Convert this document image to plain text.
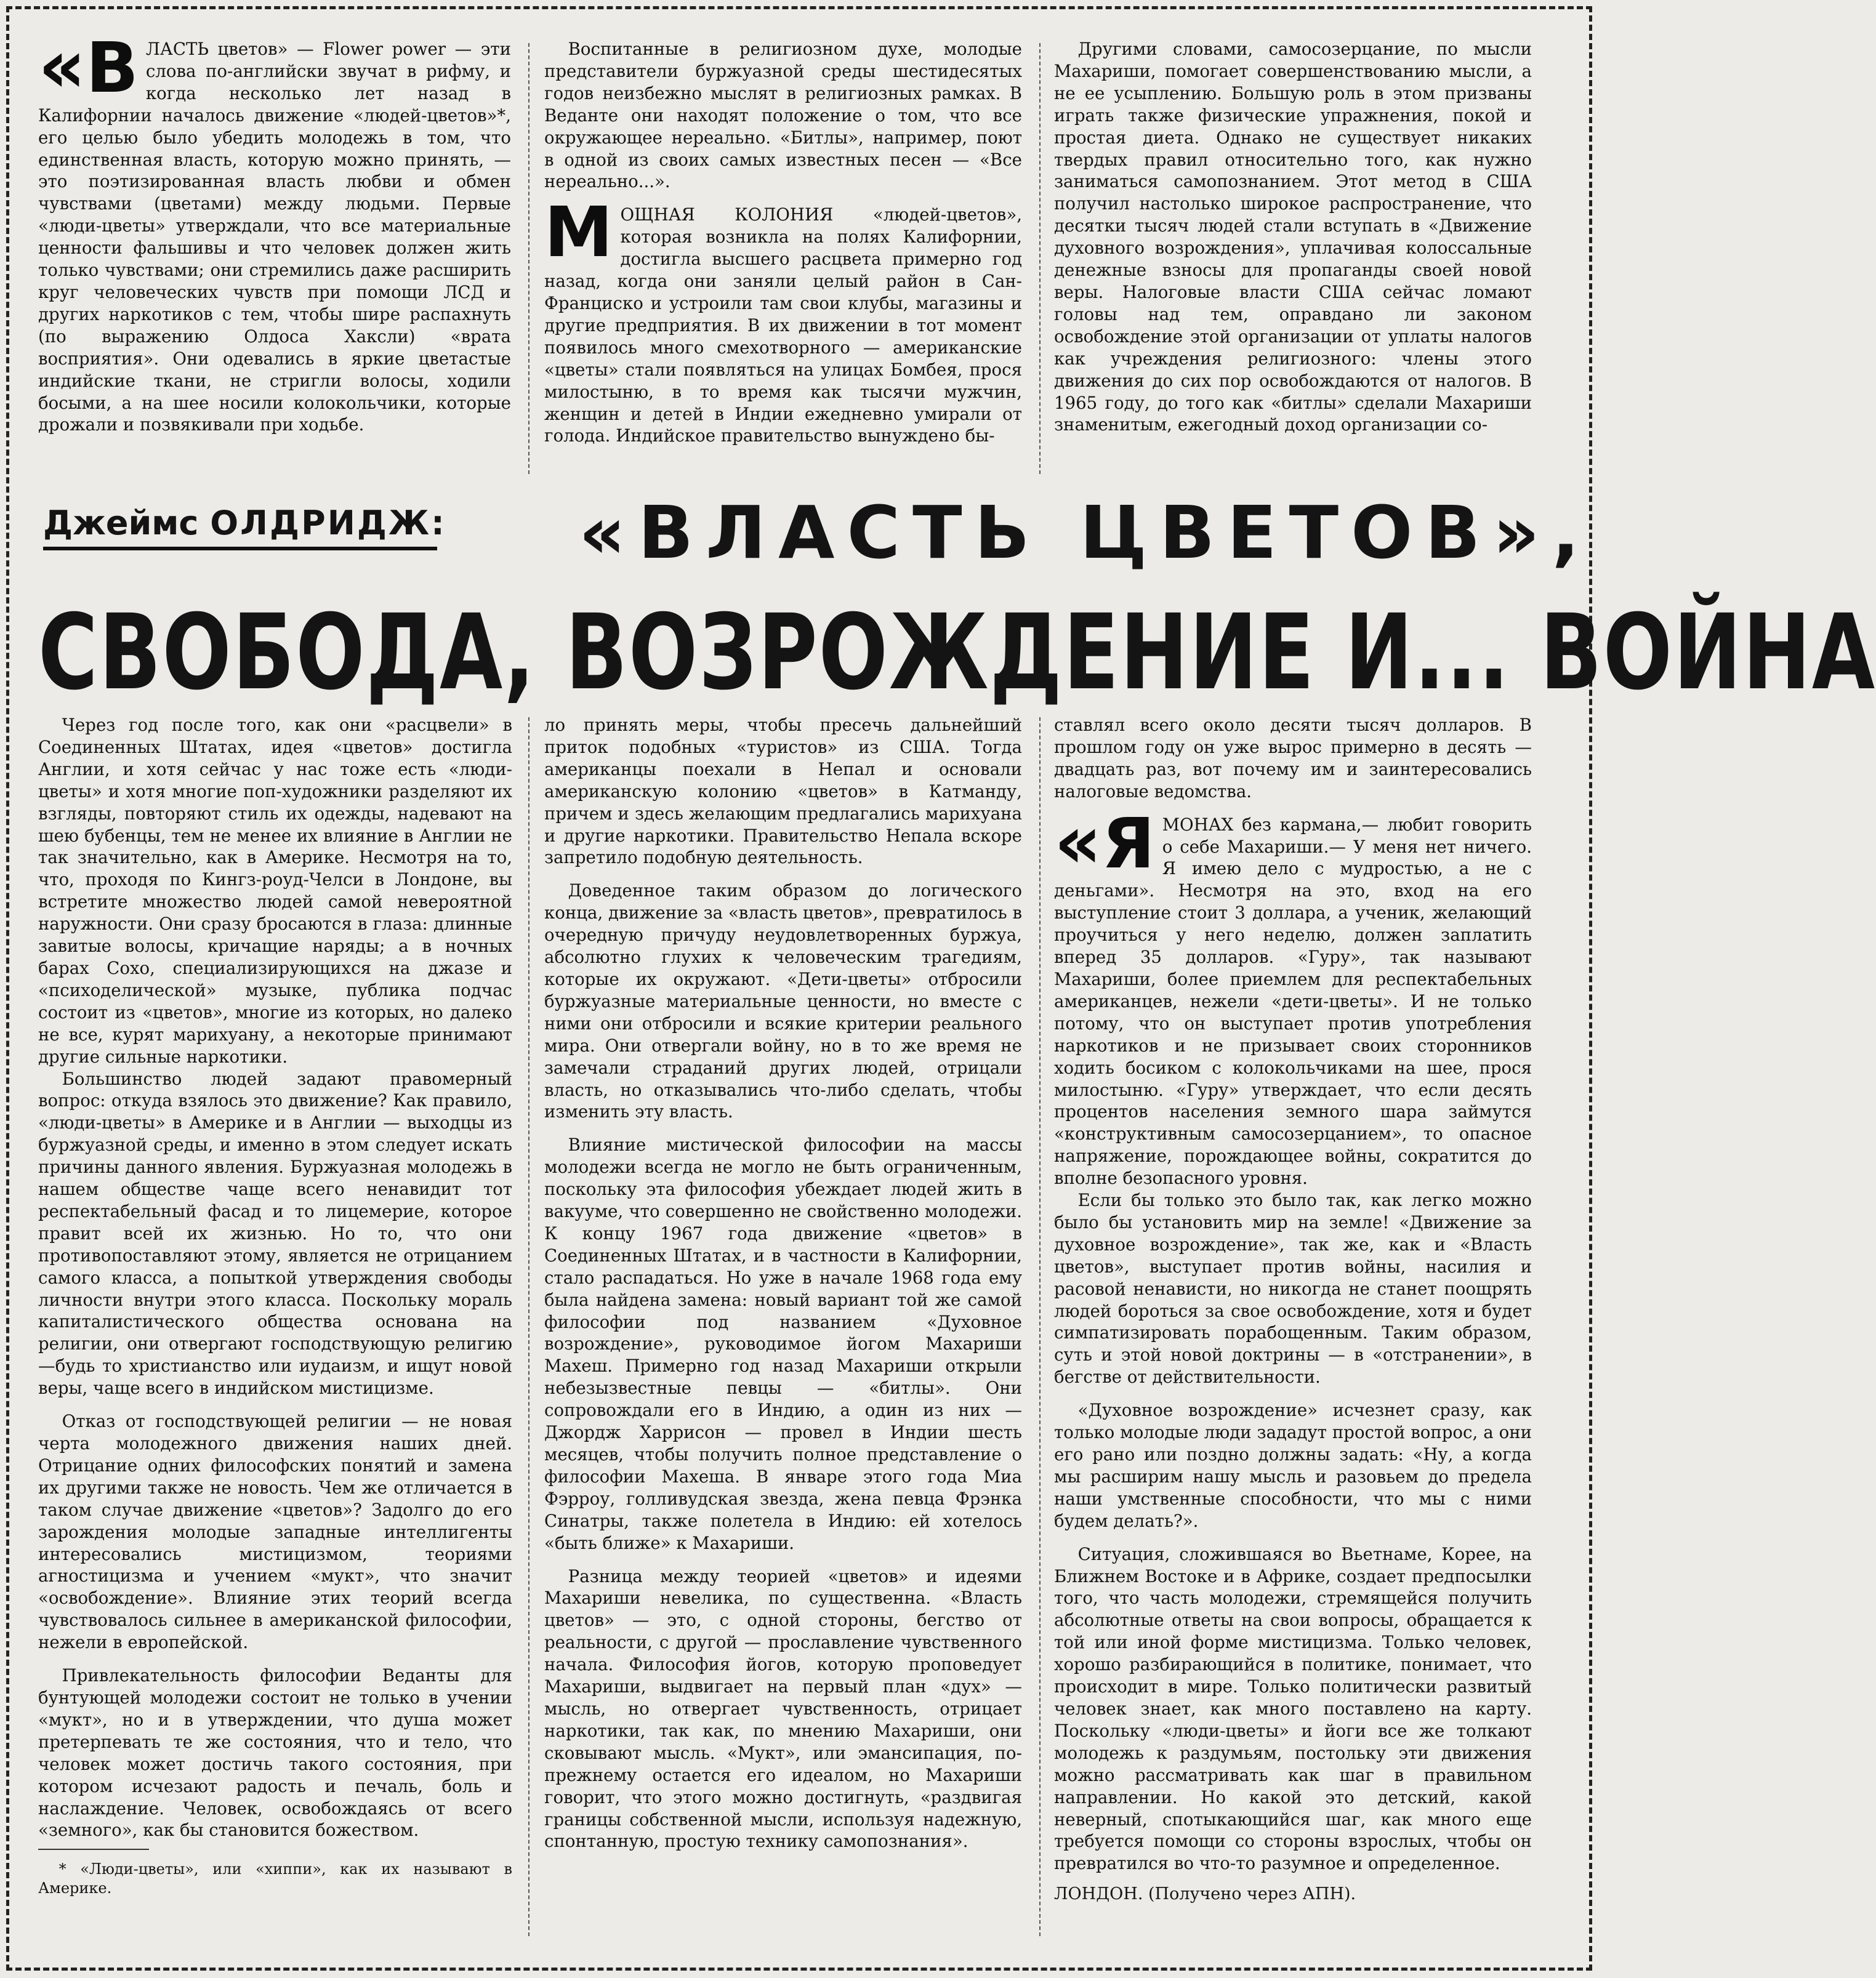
«В ЛАСТЬ цветов» — Flower power — эти слова по-английски звучат в рифму, и когда несколько лет назад в Калифорнии началось движение «людей-цветов»*, его целью было убедить молодежь в том, что единственная власть, которую можно принять, — это поэтизированная власть любви и обмен чувствами (цветами) между людьми. Первые «люди-цветы» утверждали, что все материальные ценности фальшивы и что человек должен жить только чувствами; они стремились даже расширить круг человеческих чувств при помощи ЛСД и других наркотиков с тем, чтобы шире распахнуть (по выражению Олдоса Хаксли) «врата восприятия». Они одевались в яркие цветастые индийские ткани, не стригли волосы, ходили босыми, а на шее носили колокольчики, которые дрожали и позвякивали при ходьбе.

Воспитанные в религиозном духе, молодые представители буржуазной среды шестидесятых годов неизбежно мыслят в религиозных рамках. В Веданте они находят положение о том, что все окружающее нереально. «Битлы», например, поют в одной из своих самых известных песен — «Все нереально...».

МОЩНАЯ КОЛОНИЯ «людей-цветов», которая возникла на полях Калифорнии, достигла высшего расцвета примерно год назад, когда они заняли целый район в Сан-Франциско и устроили там свои клубы, магазины и другие предприятия. В их движении в тот момент появилось много смехотворного — американские «цветы» стали появляться на улицах Бомбея, прося милостыню, в то время как тысячи мужчин, женщин и детей в Индии ежедневно умирали от голода. Индийское правительство вынуждено бы-

Другими словами, самосозерцание, по мысли Махариши, помогает совершенствованию мысли, а не ее усыплению. Большую роль в этом призваны играть также физические упражнения, покой и простая диета. Однако не существует никаких твердых правил относительно того, как нужно заниматься самопознанием. Этот метод в США получил настолько широкое распространение, что десятки тысяч людей стали вступать в «Движение духовного возрождения», уплачивая колоссальные денежные взносы для пропаганды своей новой веры. Налоговые власти США сейчас ломают головы над тем, оправдано ли законом освобождение этой организации от уплаты налогов как учреждения религиозного: члены этого движения до сих пор освобождаются от налогов. В 1965 году, до того как «битлы» сделали Махариши знаменитым, ежегодный доход организации со-

Джеймс ОЛДРИДЖ: «ВЛАСТЬ ЦВЕТОВ»,
СВОБОДА, ВОЗРОЖДЕНИЕ И... ВОЙНА

Через год после того, как они «расцвели» в Соединенных Штатах, идея «цветов» достигла Англии, и хотя сейчас у нас тоже есть «люди-цветы» и хотя многие поп-художники разделяют их взгляды, повторяют стиль их одежды, надевают на шею бубенцы, тем не менее их влияние в Англии не так значительно, как в Америке. Несмотря на то, что, проходя по Кингз-роуд-Челси в Лондоне, вы встретите множество людей самой невероятной наружности. Они сразу бросаются в глаза: длинные завитые волосы, кричащие наряды; а в ночных барах Сохо, специализирующихся на джазе и «психоделической» музыке, публика подчас состоит из «цветов», многие из которых, но далеко не все, курят марихуану, а некоторые принимают другие сильные наркотики.

Большинство людей задают правомерный вопрос: откуда взялось это движение? Как правило, «люди-цветы» в Америке и в Англии — выходцы из буржуазной среды, и именно в этом следует искать причины данного явления. Буржуазная молодежь в нашем обществе чаще всего ненавидит тот респектабельный фасад и то лицемерие, которое правит всей их жизнью. Но то, что они противопоставляют этому, является не отрицанием самого класса, а попыткой утверждения свободы личности внутри этого класса. Поскольку мораль капиталистического общества основана на религии, они отвергают господствующую религию—будь то христианство или иудаизм, и ищут новой веры, чаще всего в индийском мистицизме.

Отказ от господствующей религии — не новая черта молодежного движения наших дней. Отрицание одних философских понятий и замена их другими также не новость. Чем же отличается в таком случае движение «цветов»? Задолго до его зарождения молодые западные интеллигенты интересовались мистицизмом, теориями агностицизма и учением «мукт», что значит «освобождение». Влияние этих теорий всегда чувствовалось сильнее в американской философии, нежели в европейской.

Привлекательность философии Веданты для бунтующей молодежи состоит не только в учении «мукт», но и в утверждении, что душа может претерпевать те же состояния, что и тело, что человек может достичь такого состояния, при котором исчезают радость и печаль, боль и наслаждение. Человек, освобождаясь от всего «земного», как бы становится божеством.

* «Люди-цветы», или «хиппи», как их называют в Америке.

ло принять меры, чтобы пресечь дальнейший приток подобных «туристов» из США. Тогда американцы поехали в Непал и основали американскую колонию «цветов» в Катманду, причем и здесь желающим предлагались марихуана и другие наркотики. Правительство Непала вскоре запретило подобную деятельность.

Доведенное таким образом до логического конца, движение за «власть цветов», превратилось в очередную причуду неудовлетворенных буржуа, абсолютно глухих к человеческим трагедиям, которые их окружают. «Дети-цветы» отбросили буржуазные материальные ценности, но вместе с ними они отбросили и всякие критерии реального мира. Они отвергали войну, но в то же время не замечали страданий других людей, отрицали власть, но отказывались что-либо сделать, чтобы изменить эту власть.

Влияние мистической философии на массы молодежи всегда не могло не быть ограниченным, поскольку эта философия убеждает людей жить в вакууме, что совершенно не свойственно молодежи. К концу 1967 года движение «цветов» в Соединенных Штатах, и в частности в Калифорнии, стало распадаться. Но уже в начале 1968 года ему была найдена замена: новый вариант той же самой философии под названием «Духовное возрождение», руководимое йогом Махариши Махеш. Примерно год назад Махариши открыли небезызвестные певцы — «битлы». Они сопровождали его в Индию, а один из них — Джордж Харрисон — провел в Индии шесть месяцев, чтобы получить полное представление о философии Махеша. В январе этого года Миа Фэрроу, голливудская звезда, жена певца Фрэнка Синатры, также полетела в Индию: ей хотелось «быть ближе» к Махариши.

Разница между теорией «цветов» и идеями Махариши невелика, по существенна. «Власть цветов» — это, с одной стороны, бегство от реальности, с другой — прославление чувственного начала. Философия йогов, которую проповедует Махариши, выдвигает на первый план «дух» — мысль, но отвергает чувственность, отрицает наркотики, так как, по мнению Махариши, они сковывают мысль. «Мукт», или эмансипация, по-прежнему остается его идеалом, но Махариши говорит, что этого можно достигнуть, «раздвигая границы собственной мысли, используя надежную, спонтанную, простую технику самопознания».

ставлял всего около десяти тысяч долларов. В прошлом году он уже вырос примерно в десять — двадцать раз, вот почему им и заинтересовались налоговые ведомства.

«Я МОНАХ без кармана,— любит говорить о себе Махариши.— У меня нет ничего. Я имею дело с мудростью, а не с деньгами». Несмотря на это, вход на его выступление стоит 3 доллара, а ученик, желающий проучиться у него неделю, должен заплатить вперед 35 долларов. «Гуру», так называют Махариши, более приемлем для респектабельных американцев, нежели «дети-цветы». И не только потому, что он выступает против употребления наркотиков и не призывает своих сторонников ходить босиком с колокольчиками на шее, прося милостыню. «Гуру» утверждает, что если десять процентов населения земного шара займутся «конструктивным самосозерцанием», то опасное напряжение, порождающее войны, сократится до вполне безопасного уровня.

Если бы только это было так, как легко можно было бы установить мир на земле! «Движение за духовное возрождение», так же, как и «Власть цветов», выступает против войны, насилия и расовой ненависти, но никогда не станет поощрять людей бороться за свое освобождение, хотя и будет симпатизировать порабощенным. Таким образом, суть и этой новой доктрины — в «отстранении», в бегстве от действительности.

«Духовное возрождение» исчезнет сразу, как только молодые люди зададут простой вопрос, а они его рано или поздно должны задать: «Ну, а когда мы расширим нашу мысль и разовьем до предела наши умственные способности, что мы с ними будем делать?».

Ситуация, сложившаяся во Вьетнаме, Корее, на Ближнем Востоке и в Африке, создает предпосылки того, что часть молодежи, стремящейся получить абсолютные ответы на свои вопросы, обращается к той или иной форме мистицизма. Только человек, хорошо разбирающийся в политике, понимает, что происходит в мире. Только политически развитый человек знает, как много поставлено на карту. Поскольку «люди-цветы» и йоги все же толкают молодежь к раздумьям, постольку эти движения можно рассматривать как шаг в правильном направлении. Но какой это детский, какой неверный, спотыкающийся шаг, как много еще требуется помощи со стороны взрослых, чтобы он превратился во что-то разумное и определенное.

ЛОНДОН. (Получено через АПН).
